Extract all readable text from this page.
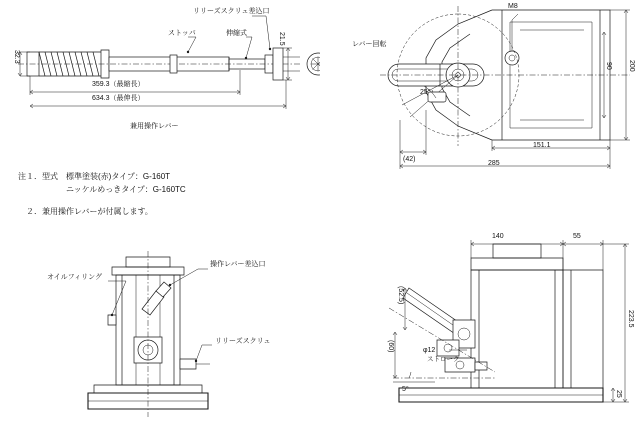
リリーズスクリュ差込口
ストッパ	伸縮式
32.3
21.5
359.3（最縮長）
634.3（最伸長）
兼用操作レバー
レバー回転
M8
200
90
25°
(42)
151.1
285
注１．型式　標準塗装(赤)タイプ：G-160T
　　　　　　ニッケルめっきタイプ：G-160TC
　２．兼用操作レバーが付属します。
オイルフィリング
操作レバー差込口
リリーズスクリュ
140	55
223.5
(52.5)
(60)	φ12
ストローク
5°
25
